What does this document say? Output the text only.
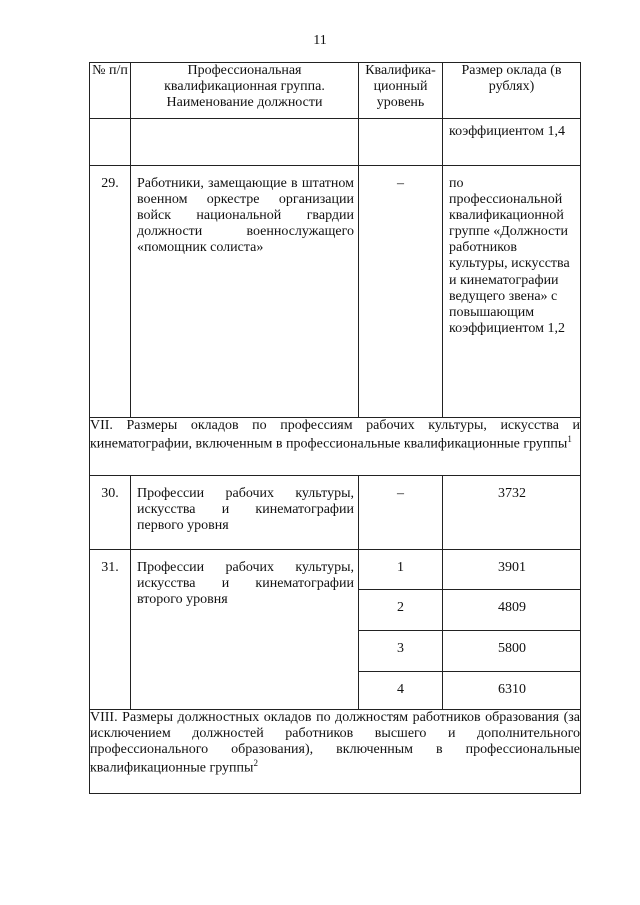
11
№ п/п	Профессиональная квалификационная группа. Наименование должности	Квалифика-ционный уровень	Размер оклада (в рублях)
			коэффициентом 1,4
29.	Работники, замещающие в штатном военном оркестре организации войск национальной гвардии должности военнослужащего «помощник солиста»	–	по профессиональной квалификационной группе «Должности работников культуры, искусства и кинематографии ведущего звена» с повышающим коэффициентом 1,2
VII. Размеры окладов по профессиям рабочих культуры, искусства и кинематографии, включенным в профессиональные квалификационные группы$^1$
30.	Профессии рабочих культуры, искусства и кинематографии первого уровня	–	3732
31.	Профессии рабочих культуры, искусства и кинематографии второго уровня	1	3901
		2	4809
		3	5800
		4	6310
VIII. Размеры должностных окладов по должностям работников образования (за исключением должностей работников высшего и дополнительного профессионального образования), включенным в профессиональные квалификационные группы$^2$
